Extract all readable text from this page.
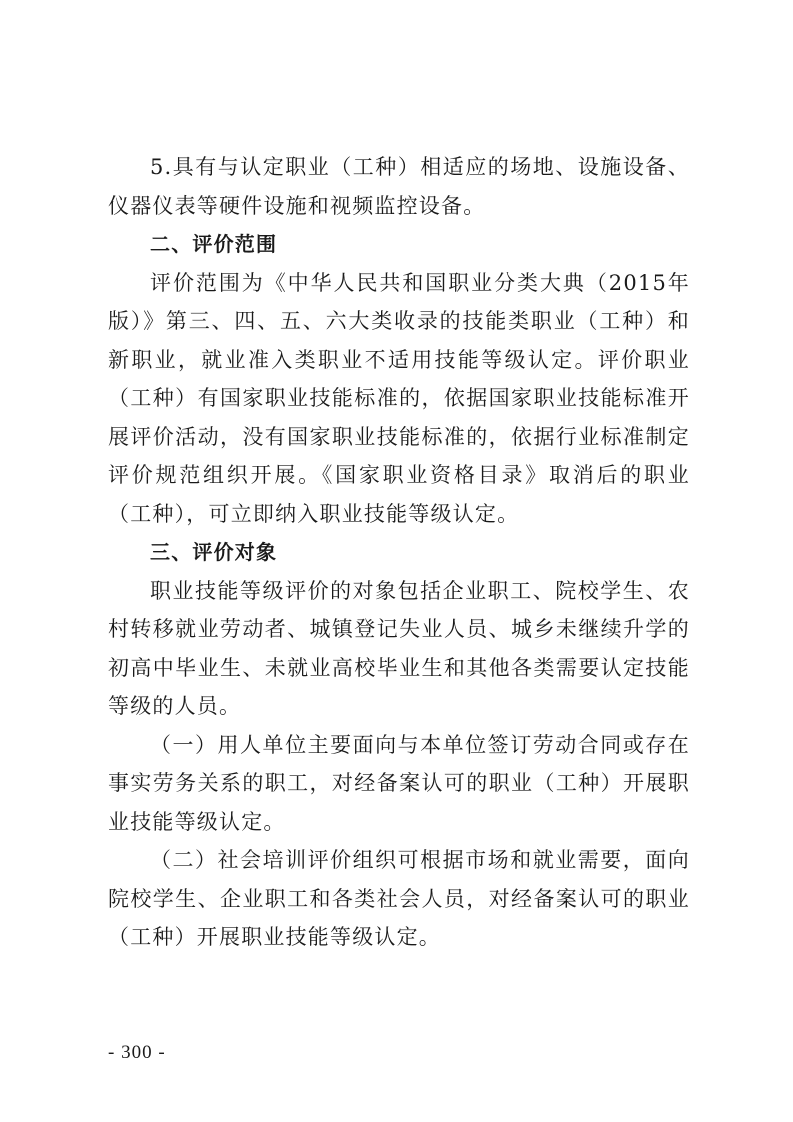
5.具有与认定职业（工种）相适应的场地、设施设备、仪器仪表等硬件设施和视频监控设备。

二、评价范围

评价范围为《中华人民共和国职业分类大典（2015年版）》第三、四、五、六大类收录的技能类职业（工种）和新职业，就业准入类职业不适用技能等级认定。评价职业（工种）有国家职业技能标准的，依据国家职业技能标准开展评价活动，没有国家职业技能标准的，依据行业标准制定评价规范组织开展。《国家职业资格目录》取消后的职业（工种），可立即纳入职业技能等级认定。

三、评价对象

职业技能等级评价的对象包括企业职工、院校学生、农村转移就业劳动者、城镇登记失业人员、城乡未继续升学的初高中毕业生、未就业高校毕业生和其他各类需要认定技能等级的人员。

（一）用人单位主要面向与本单位签订劳动合同或存在事实劳务关系的职工，对经备案认可的职业（工种）开展职业技能等级认定。

（二）社会培训评价组织可根据市场和就业需要，面向院校学生、企业职工和各类社会人员，对经备案认可的职业（工种）开展职业技能等级认定。

- 300 -
